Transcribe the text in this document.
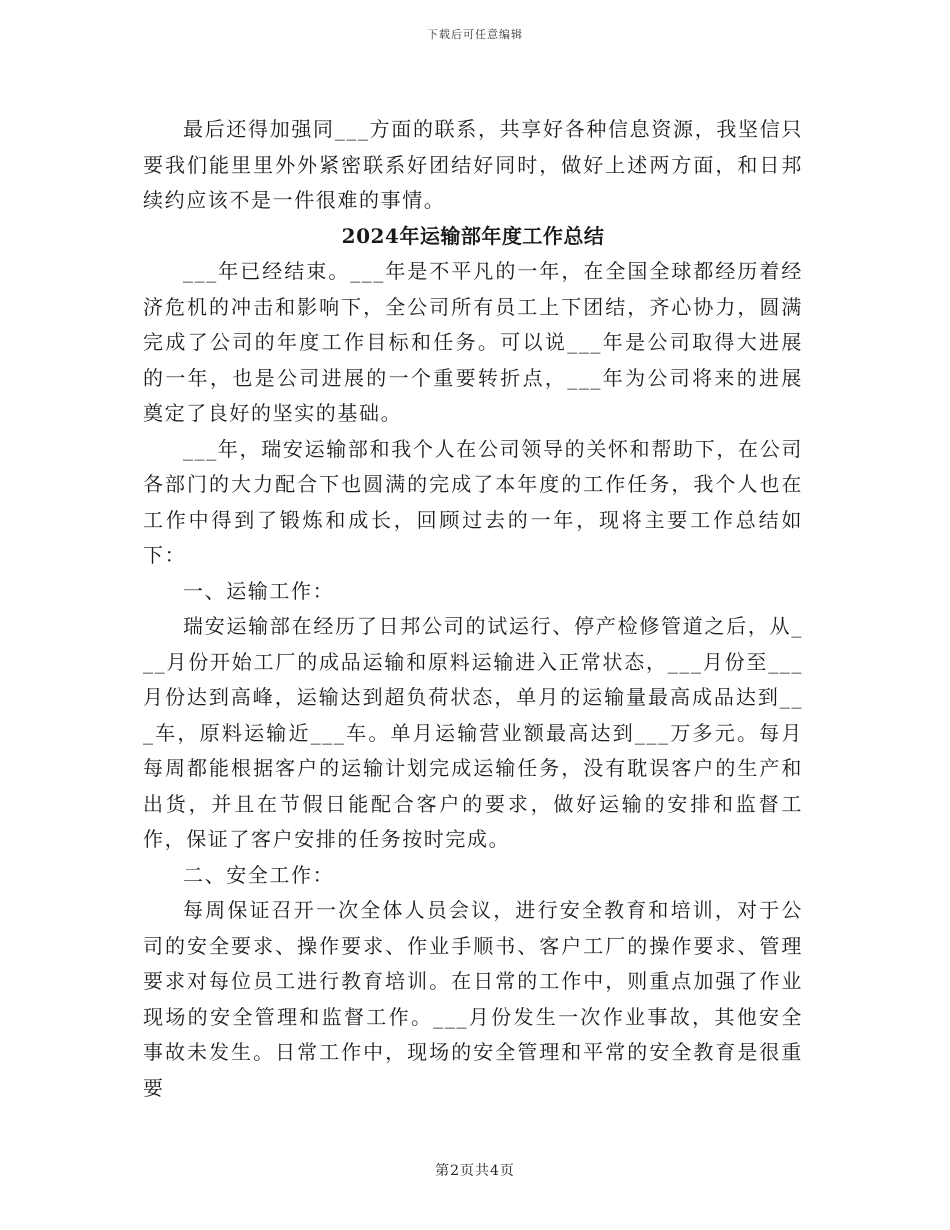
下载后可任意编辑

最后还得加强同___方面的联系，共享好各种信息资源，我坚信只要我们能里里外外紧密联系好团结好同时，做好上述两方面，和日邦续约应该不是一件很难的事情。

2024年运输部年度工作总结

___年已经结束。___年是不平凡的一年，在全国全球都经历着经济危机的冲击和影响下，全公司所有员工上下团结，齐心协力，圆满完成了公司的年度工作目标和任务。可以说___年是公司取得大进展的一年，也是公司进展的一个重要转折点，___年为公司将来的进展奠定了良好的坚实的基础。

___年，瑞安运输部和我个人在公司领导的关怀和帮助下，在公司各部门的大力配合下也圆满的完成了本年度的工作任务，我个人也在工作中得到了锻炼和成长，回顾过去的一年，现将主要工作总结如下：

一、运输工作：

瑞安运输部在经历了日邦公司的试运行、停产检修管道之后，从___月份开始工厂的成品运输和原料运输进入正常状态，___月份至___月份达到高峰，运输达到超负荷状态，单月的运输量最高成品达到___车，原料运输近___车。单月运输营业额最高达到___万多元。每月每周都能根据客户的运输计划完成运输任务，没有耽误客户的生产和出货，并且在节假日能配合客户的要求，做好运输的安排和监督工作，保证了客户安排的任务按时完成。

二、安全工作：

每周保证召开一次全体人员会议，进行安全教育和培训，对于公司的安全要求、操作要求、作业手顺书、客户工厂的操作要求、管理要求对每位员工进行教育培训。在日常的工作中，则重点加强了作业现场的安全管理和监督工作。___月份发生一次作业事故，其他安全事故未发生。日常工作中，现场的安全管理和平常的安全教育是很重要

第2页共4页
